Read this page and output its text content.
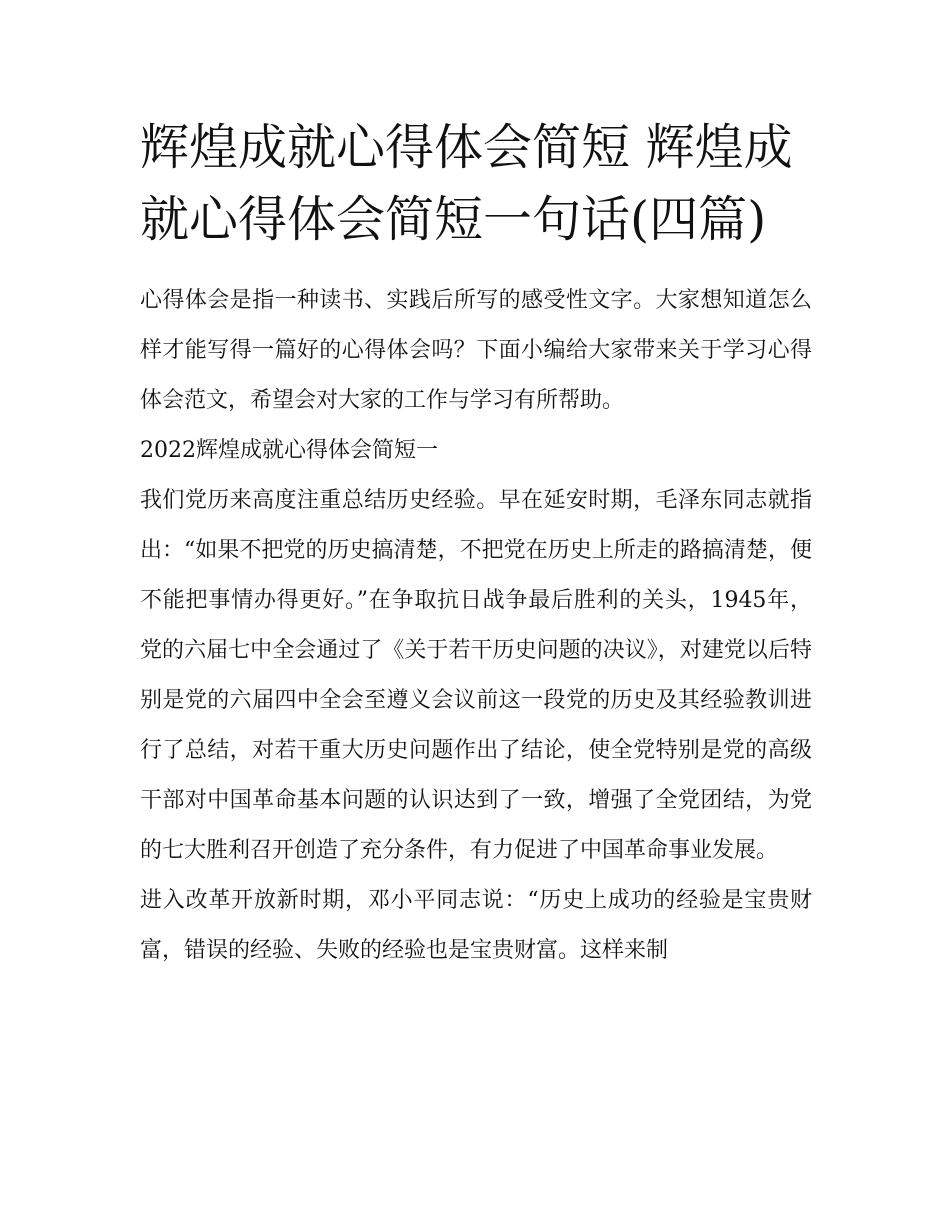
辉煌成就心得体会简短 辉煌成就心得体会简短一句话(四篇)

心得体会是指一种读书、实践后所写的感受性文字。大家想知道怎么样才能写得一篇好的心得体会吗？下面小编给大家带来关于学习心得体会范文，希望会对大家的工作与学习有所帮助。

2022辉煌成就心得体会简短一

我们党历来高度注重总结历史经验。早在延安时期，毛泽东同志就指出：“如果不把党的历史搞清楚，不把党在历史上所走的路搞清楚，便不能把事情办得更好。”在争取抗日战争最后胜利的关头，1945年，党的六届七中全会通过了《关于若干历史问题的决议》，对建党以后特别是党的六届四中全会至遵义会议前这一段党的历史及其经验教训进行了总结，对若干重大历史问题作出了结论，使全党特别是党的高级干部对中国革命基本问题的认识达到了一致，增强了全党团结，为党的七大胜利召开创造了充分条件，有力促进了中国革命事业发展。

进入改革开放新时期，邓小平同志说：“历史上成功的经验是宝贵财富，错误的经验、失败的经验也是宝贵财富。这样来制
